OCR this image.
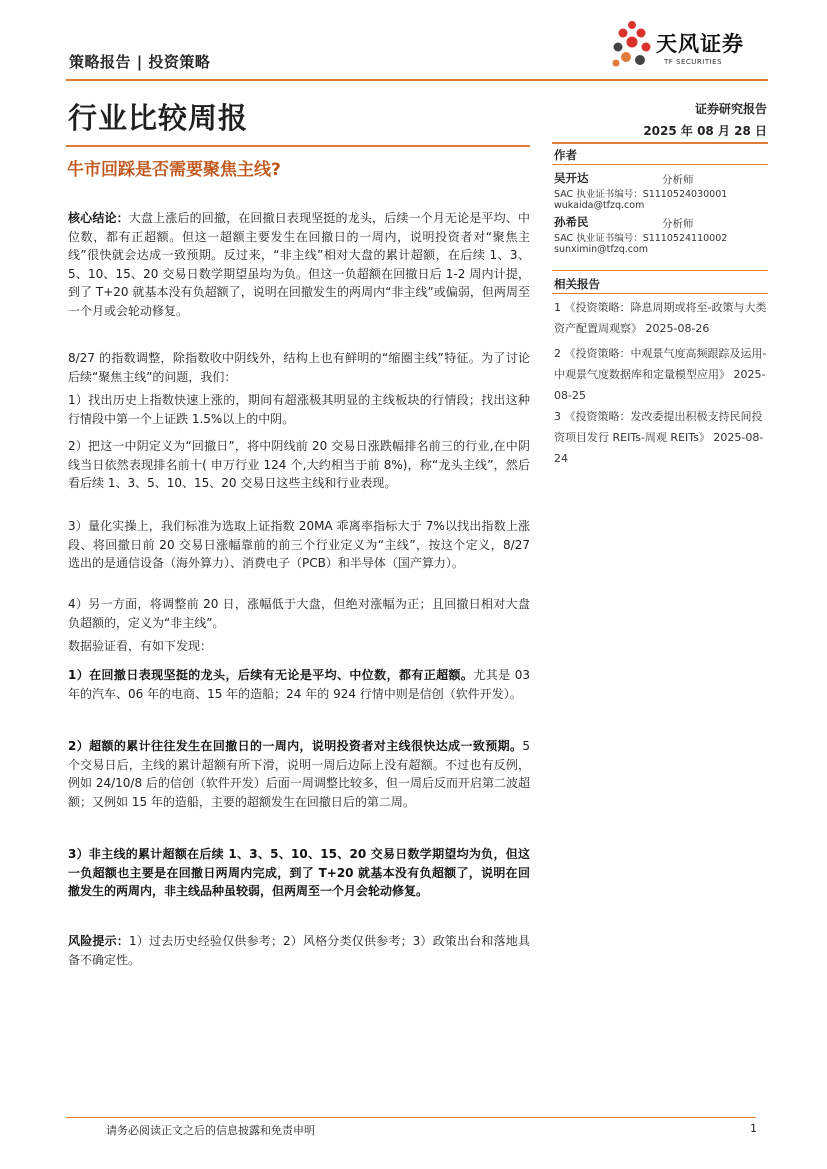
策略报告 | 投资策略
天风证券
TF SECURITIES
行业比较周报	证券研究报告
2025 年 08 月 28 日
牛市回踩是否需要聚焦主线?
作者
吴开达	分析师
SAC 执业证书编号：S1110524030001
wukaida@tfzq.com
孙希民	分析师
SAC 执业证书编号：S1110524110002
sunximin@tfzq.com
相关报告
1 《投资策略：降息周期或将至-政策与大类资产配置周观察》 2025-08-26
2 《投资策略：中观景气度高频跟踪及运用-中观景气度数据库和定量模型应用》 2025-08-25
3 《投资策略：发改委提出积极支持民间投资项目发行 REITs-周观 REITs》 2025-08-24
核心结论：大盘上涨后的回撤，在回撤日表现坚挺的龙头，后续一个月无论是平均、中位数，都有正超额。但这一超额主要发生在回撤日的一周内，说明投资者对“聚焦主线”很快就会达成一致预期。反过来，“非主线”相对大盘的累计超额，在后续 1、3、5、10、15、20 交易日数学期望虽均为负。但这一负超额在回撤日后 1-2 周内计提，到了 T+20 就基本没有负超额了，说明在回撤发生的两周内“非主线”或偏弱，但两周至一个月或会轮动修复。
8/27 的指数调整，除指数收中阴线外，结构上也有鲜明的“缩圈主线”特征。为了讨论后续“聚焦主线”的问题，我们：
1）找出历史上指数快速上涨的，期间有超涨极其明显的主线板块的行情段；找出这种行情段中第一个上证跌 1.5%以上的中阴。
2）把这一中阴定义为“回撤日”，将中阴线前 20 交易日涨跌幅排名前三的行业,在中阴线当日依然表现排名前十( 申万行业 124 个,大约相当于前 8%)，称“龙头主线”，然后看后续 1、3、5、10、15、20 交易日这些主线和行业表现。
3）量化实操上，我们标准为选取上证指数 20MA 乖离率指标大于 7%以找出指数上涨段、将回撤日前 20 交易日涨幅靠前的前三个行业定义为“主线”，按这个定义，8/27 选出的是通信设备（海外算力）、消费电子（PCB）和半导体（国产算力）。
4）另一方面，将调整前 20 日，涨幅低于大盘，但绝对涨幅为正；且回撤日相对大盘负超额的，定义为“非主线”。
数据验证看，有如下发现：
1）在回撤日表现坚挺的龙头，后续有无论是平均、中位数，都有正超额。尤其是 03 年的汽车、06 年的电商、15 年的造船；24 年的 924 行情中则是信创（软件开发）。
2）超额的累计往往发生在回撤日的一周内，说明投资者对主线很快达成一致预期。5 个交易日后，主线的累计超额有所下滑，说明一周后边际上没有超额。不过也有反例，例如 24/10/8 后的信创（软件开发）后面一周调整比较多，但一周后反而开启第二波超额；又例如 15 年的造船，主要的超额发生在回撤日后的第二周。
3）非主线的累计超额在后续 1、3、5、10、15、20 交易日数学期望均为负，但这一负超额也主要是在回撤日两周内完成，到了 T+20 就基本没有负超额了，说明在回撤发生的两周内，非主线品种虽较弱，但两周至一个月会轮动修复。
风险提示：1）过去历史经验仅供参考；2）风格分类仅供参考；3）政策出台和落地具备不确定性。
请务必阅读正文之后的信息披露和免责申明	1
